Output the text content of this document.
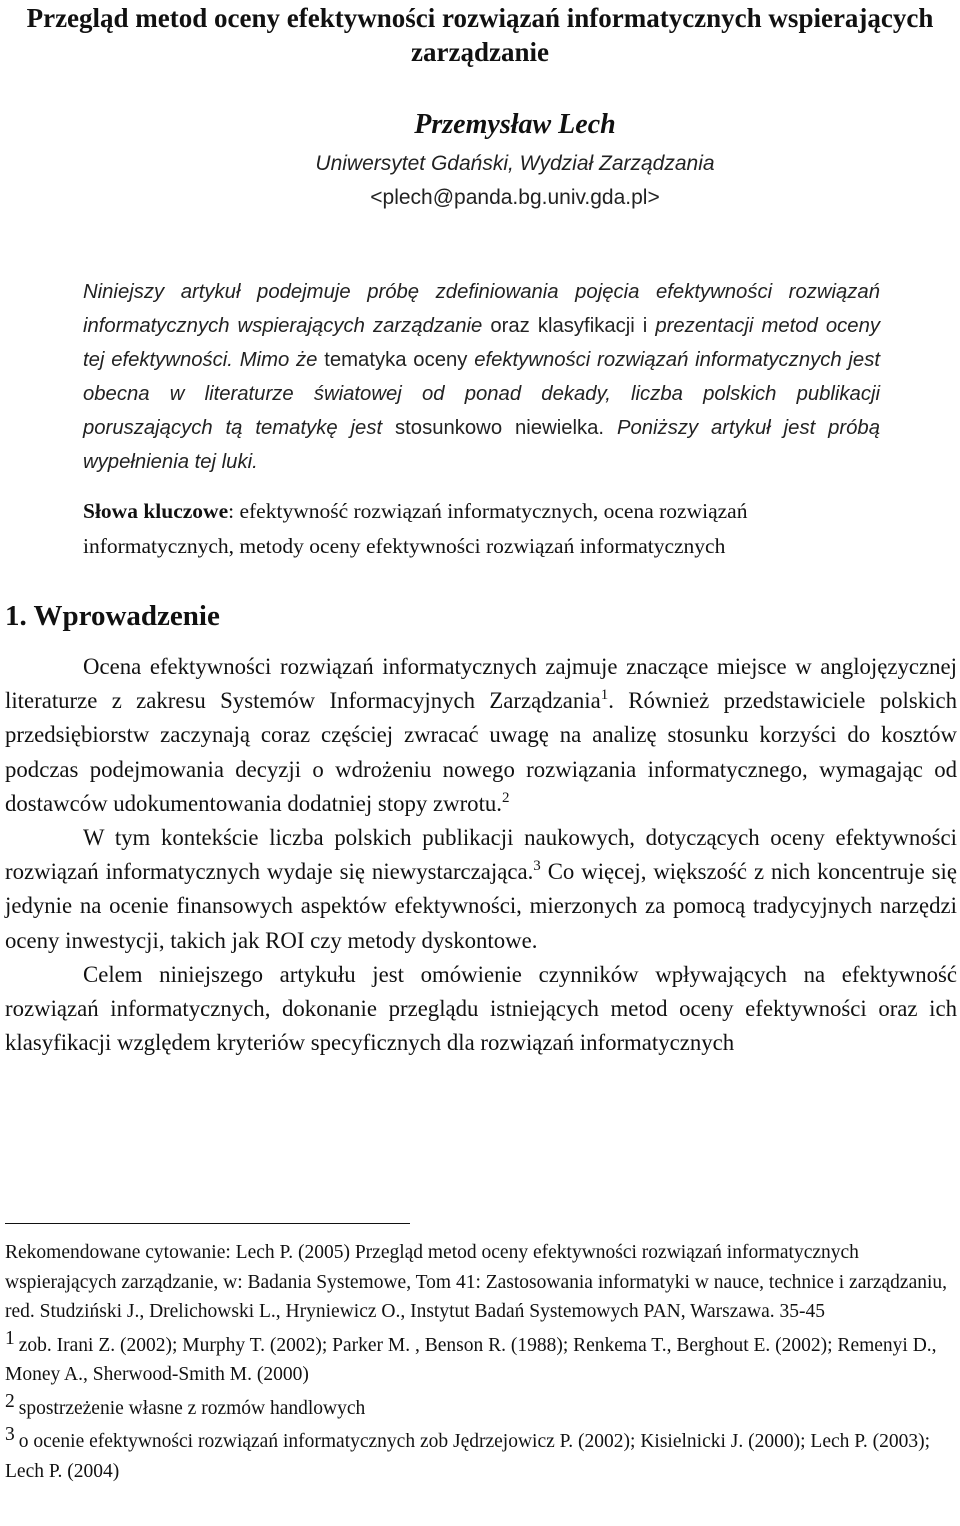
Przegląd metod oceny efektywności rozwiązań informatycznych wspierających zarządzanie
Przemysław Lech
Uniwersytet Gdański, Wydział Zarządzania
<plech@panda.bg.univ.gda.pl>

Niniejszy artykuł podejmuje próbę zdefiniowania pojęcia efektywności rozwiązań informatycznych wspierających zarządzanie oraz klasyfikacji i prezentacji metod oceny tej efektywności. Mimo że tematyka oceny efektywności rozwiązań informatycznych jest obecna w literaturze światowej od ponad dekady, liczba polskich publikacji poruszających tą tematykę jest stosunkowo niewielka. Poniższy artykuł jest próbą wypełnienia tej luki.

Słowa kluczowe: efektywność rozwiązań informatycznych, ocena rozwiązań informatycznych, metody oceny efektywności rozwiązań informatycznych

1. Wprowadzenie

Ocena efektywności rozwiązań informatycznych zajmuje znaczące miejsce w anglojęzycznej literaturze z zakresu Systemów Informacyjnych Zarządzania$^1$. Również przedstawiciele polskich przedsiębiorstw zaczynają coraz częściej zwracać uwagę na analizę stosunku korzyści do kosztów podczas podejmowania decyzji o wdrożeniu nowego rozwiązania informatycznego, wymagając od dostawców udokumentowania dodatniej stopy zwrotu.$^2$

W tym kontekście liczba polskich publikacji naukowych, dotyczących oceny efektywności rozwiązań informatycznych wydaje się niewystarczająca.$^3$ Co więcej, większość z nich koncentruje się jedynie na ocenie finansowych aspektów efektywności, mierzonych za pomocą tradycyjnych narzędzi oceny inwestycji, takich jak ROI czy metody dyskontowe.

Celem niniejszego artykułu jest omówienie czynników wpływających na efektywność rozwiązań informatycznych, dokonanie przeglądu istniejących metod oceny efektywności oraz ich klasyfikacji względem kryteriów specyficznych dla rozwiązań informatycznych

Rekomendowane cytowanie: Lech P. (2005) Przegląd metod oceny efektywności rozwiązań informatycznych wspierających zarządzanie, w: Badania Systemowe, Tom 41: Zastosowania informatyki w nauce, technice i zarządzaniu, red. Studziński J., Drelichowski L., Hryniewicz O., Instytut Badań Systemowych PAN, Warszawa. 35-45

1 zob. Irani Z. (2002); Murphy T. (2002); Parker M. , Benson R. (1988); Renkema T., Berghout E. (2002); Remenyi D., Money A., Sherwood-Smith M. (2000)

2 spostrzeżenie własne z rozmów handlowych

3 o ocenie efektywności rozwiązań informatycznych zob Jędrzejowicz P. (2002); Kisielnicki J. (2000); Lech P. (2003); Lech P. (2004)
